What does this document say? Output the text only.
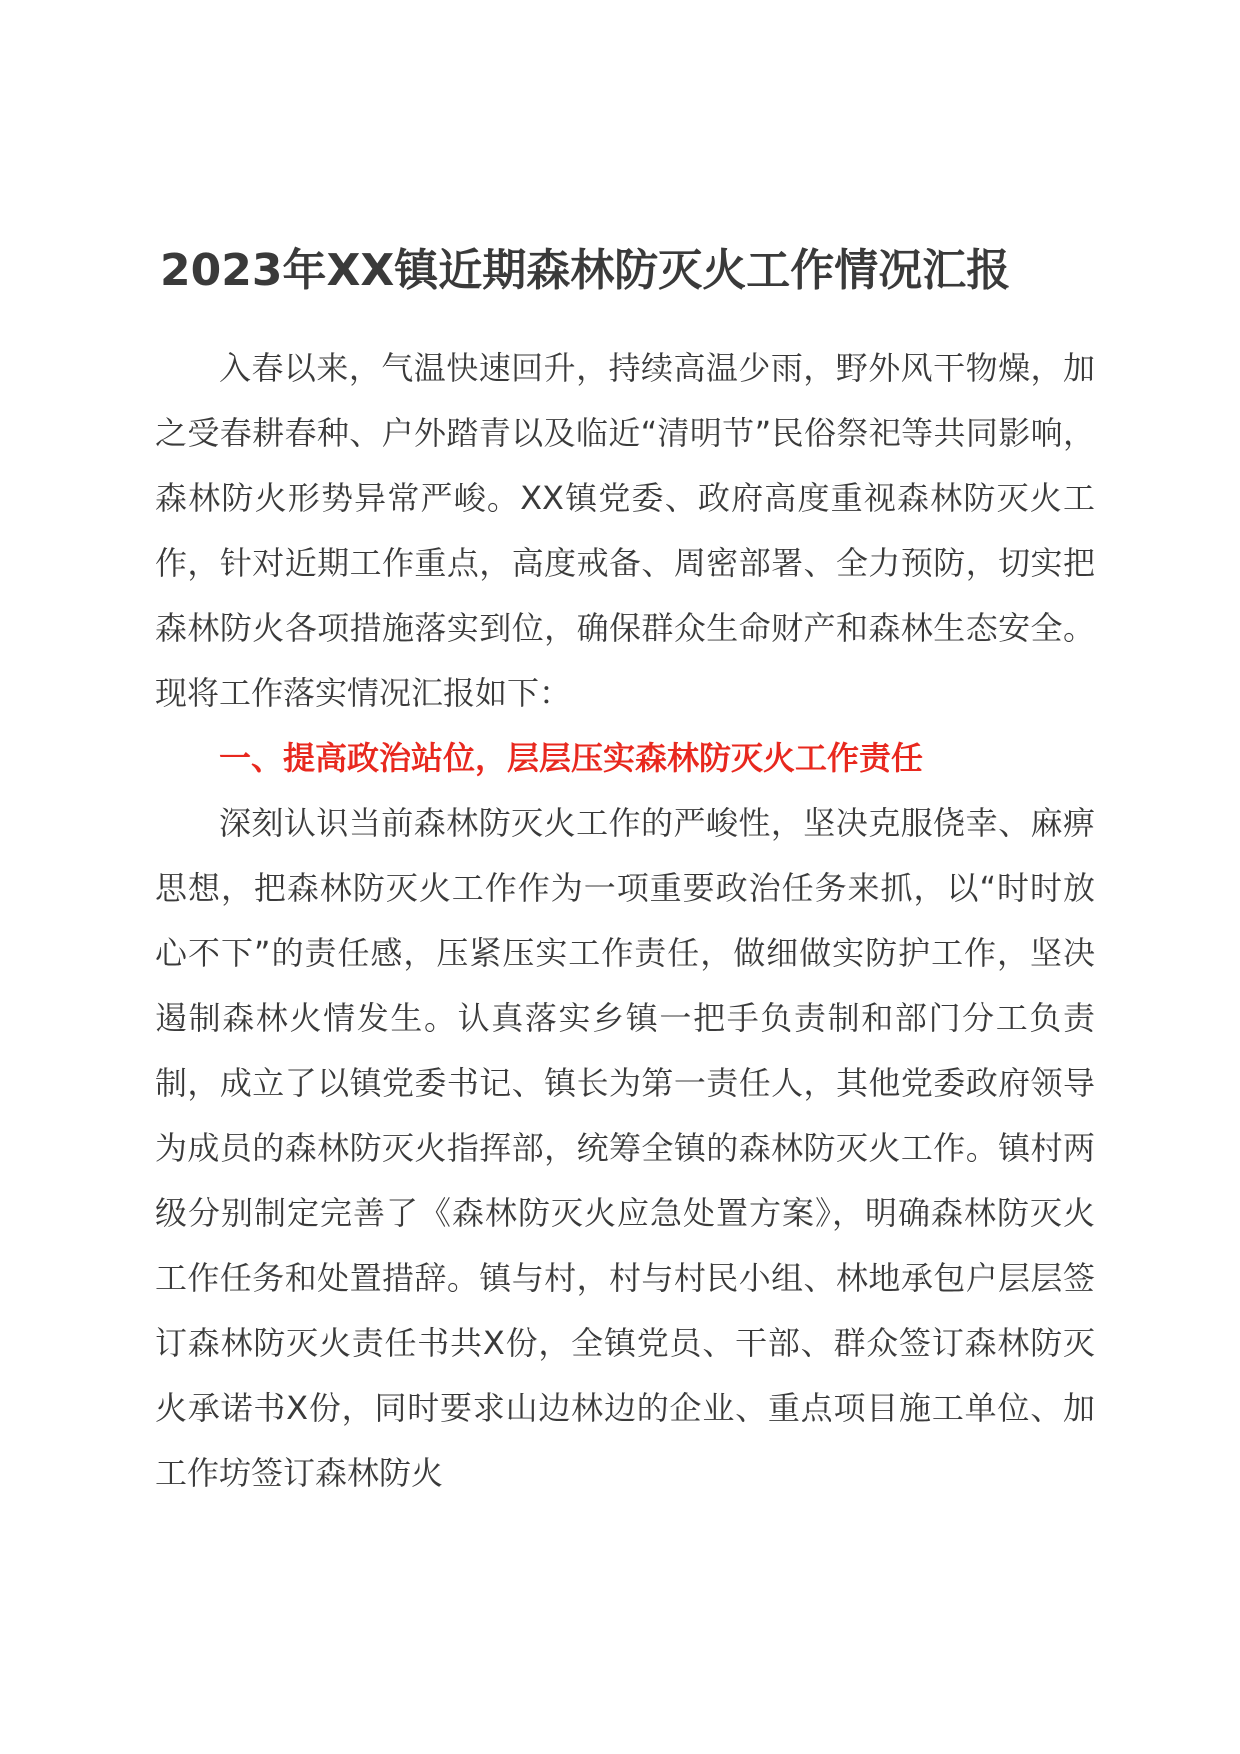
2023年XX镇近期森林防灭火工作情况汇报

入春以来，气温快速回升，持续高温少雨，野外风干物燥，加之受春耕春种、户外踏青以及临近“清明节”民俗祭祀等共同影响，森林防火形势异常严峻。XX镇党委、政府高度重视森林防灭火工作，针对近期工作重点，高度戒备、周密部署、全力预防，切实把森林防火各项措施落实到位，确保群众生命财产和森林生态安全。现将工作落实情况汇报如下：

一、提高政治站位，层层压实森林防灭火工作责任

深刻认识当前森林防灭火工作的严峻性，坚决克服侥幸、麻痹思想，把森林防灭火工作作为一项重要政治任务来抓，以“时时放心不下”的责任感，压紧压实工作责任，做细做实防护工作，坚决遏制森林火情发生。认真落实乡镇一把手负责制和部门分工负责制，成立了以镇党委书记、镇长为第一责任人，其他党委政府领导为成员的森林防灭火指挥部，统筹全镇的森林防灭火工作。镇村两级分别制定完善了《森林防灭火应急处置方案》，明确森林防灭火工作任务和处置措辞。镇与村，村与村民小组、林地承包户层层签订森林防灭火责任书共X份，全镇党员、干部、群众签订森林防灭火承诺书X份，同时要求山边林边的企业、重点项目施工单位、加工作坊签订森林防火
